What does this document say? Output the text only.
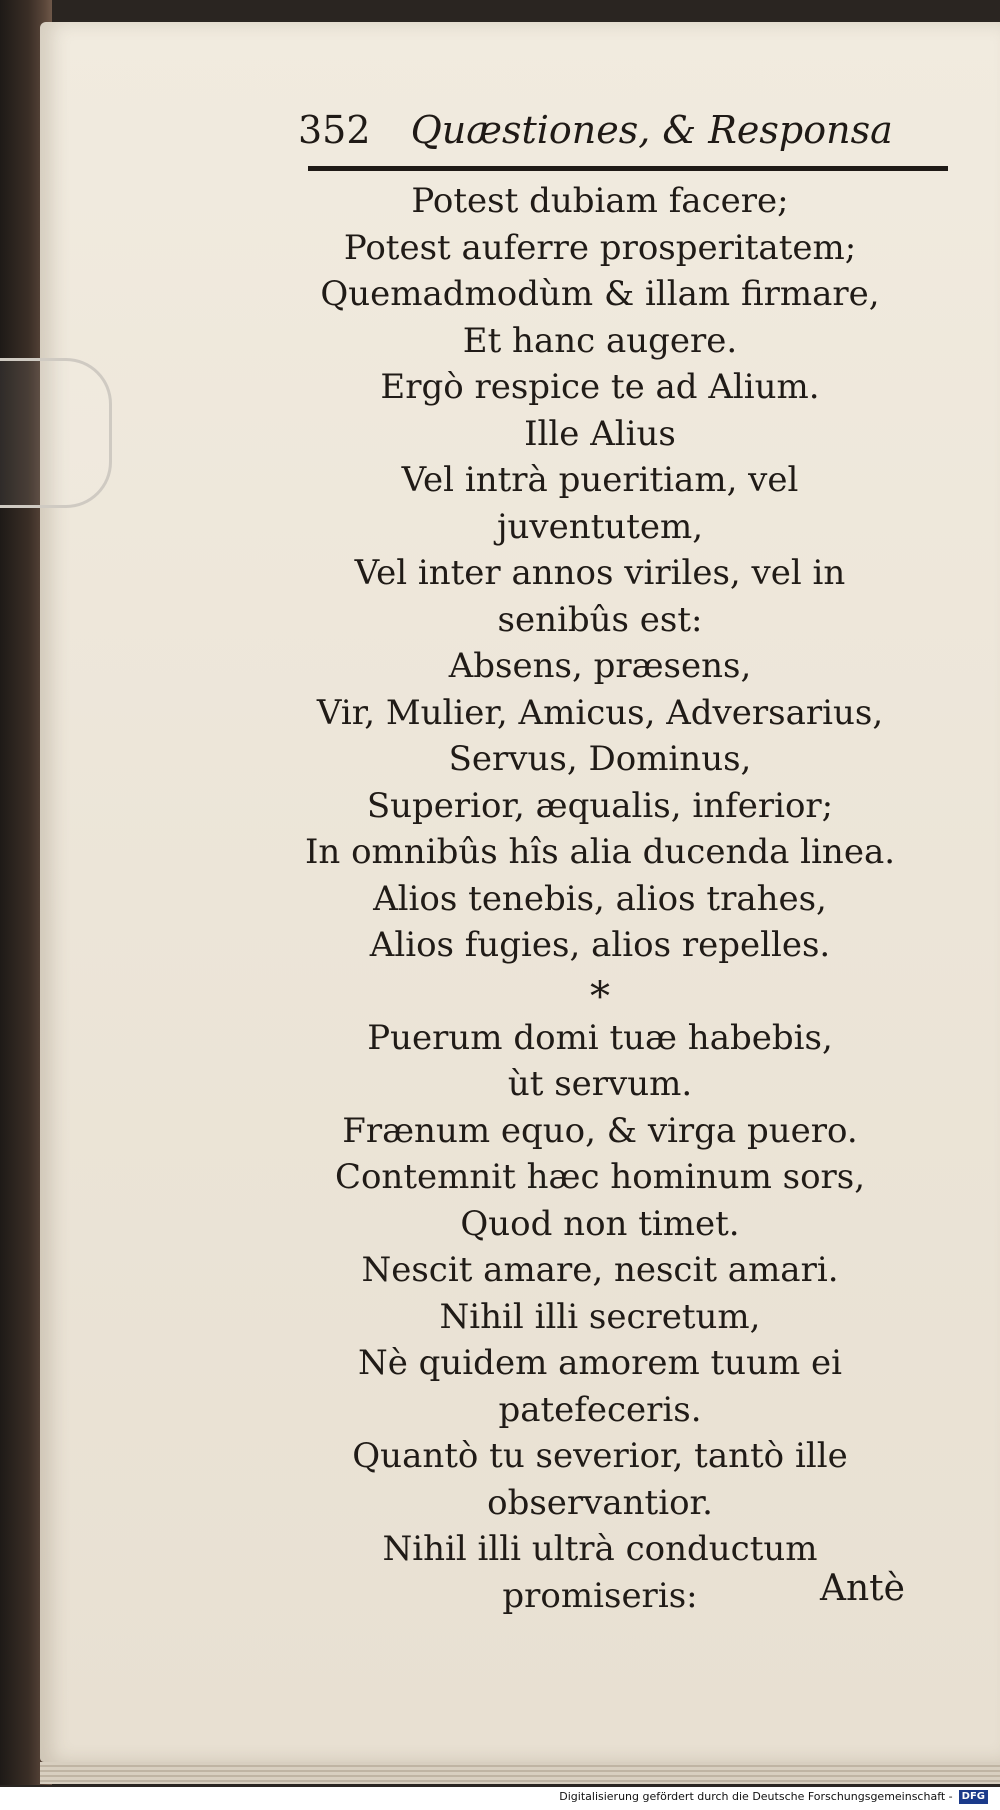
352 Quæstiones, & Responsa
Potest dubiam facere;
Potest auferre prosperitatem;
Quemadmodùm & illam firmare,
Et hanc augere.
Ergò respice te ad Alium.
Ille Alius
Vel intrà pueritiam, vel
juventutem,
Vel inter annos viriles, vel in
senibûs est:
Absens, præsens,
Vir, Mulier, Amicus, Adversarius,
Servus, Dominus,
Superior, æqualis, inferior;
In omnibûs hîs alia ducenda linea.
Alios tenebis, alios trahes,
Alios fugies, alios repelles.
*
Puerum domi tuæ habebis,
ùt servum.
Frænum equo, & virga puero.
Contemnit hæc hominum sors,
Quod non timet.
Nescit amare, nescit amari.
Nihil illi secretum,
Nè quidem amorem tuum ei
patefeceris.
Quantò tu severior, tantò ille
observantior.
Nihil illi ultrà conductum
promiseris:	Antè
Digitalisierung gefördert durch die Deutsche Forschungsgemeinschaft - DFG
